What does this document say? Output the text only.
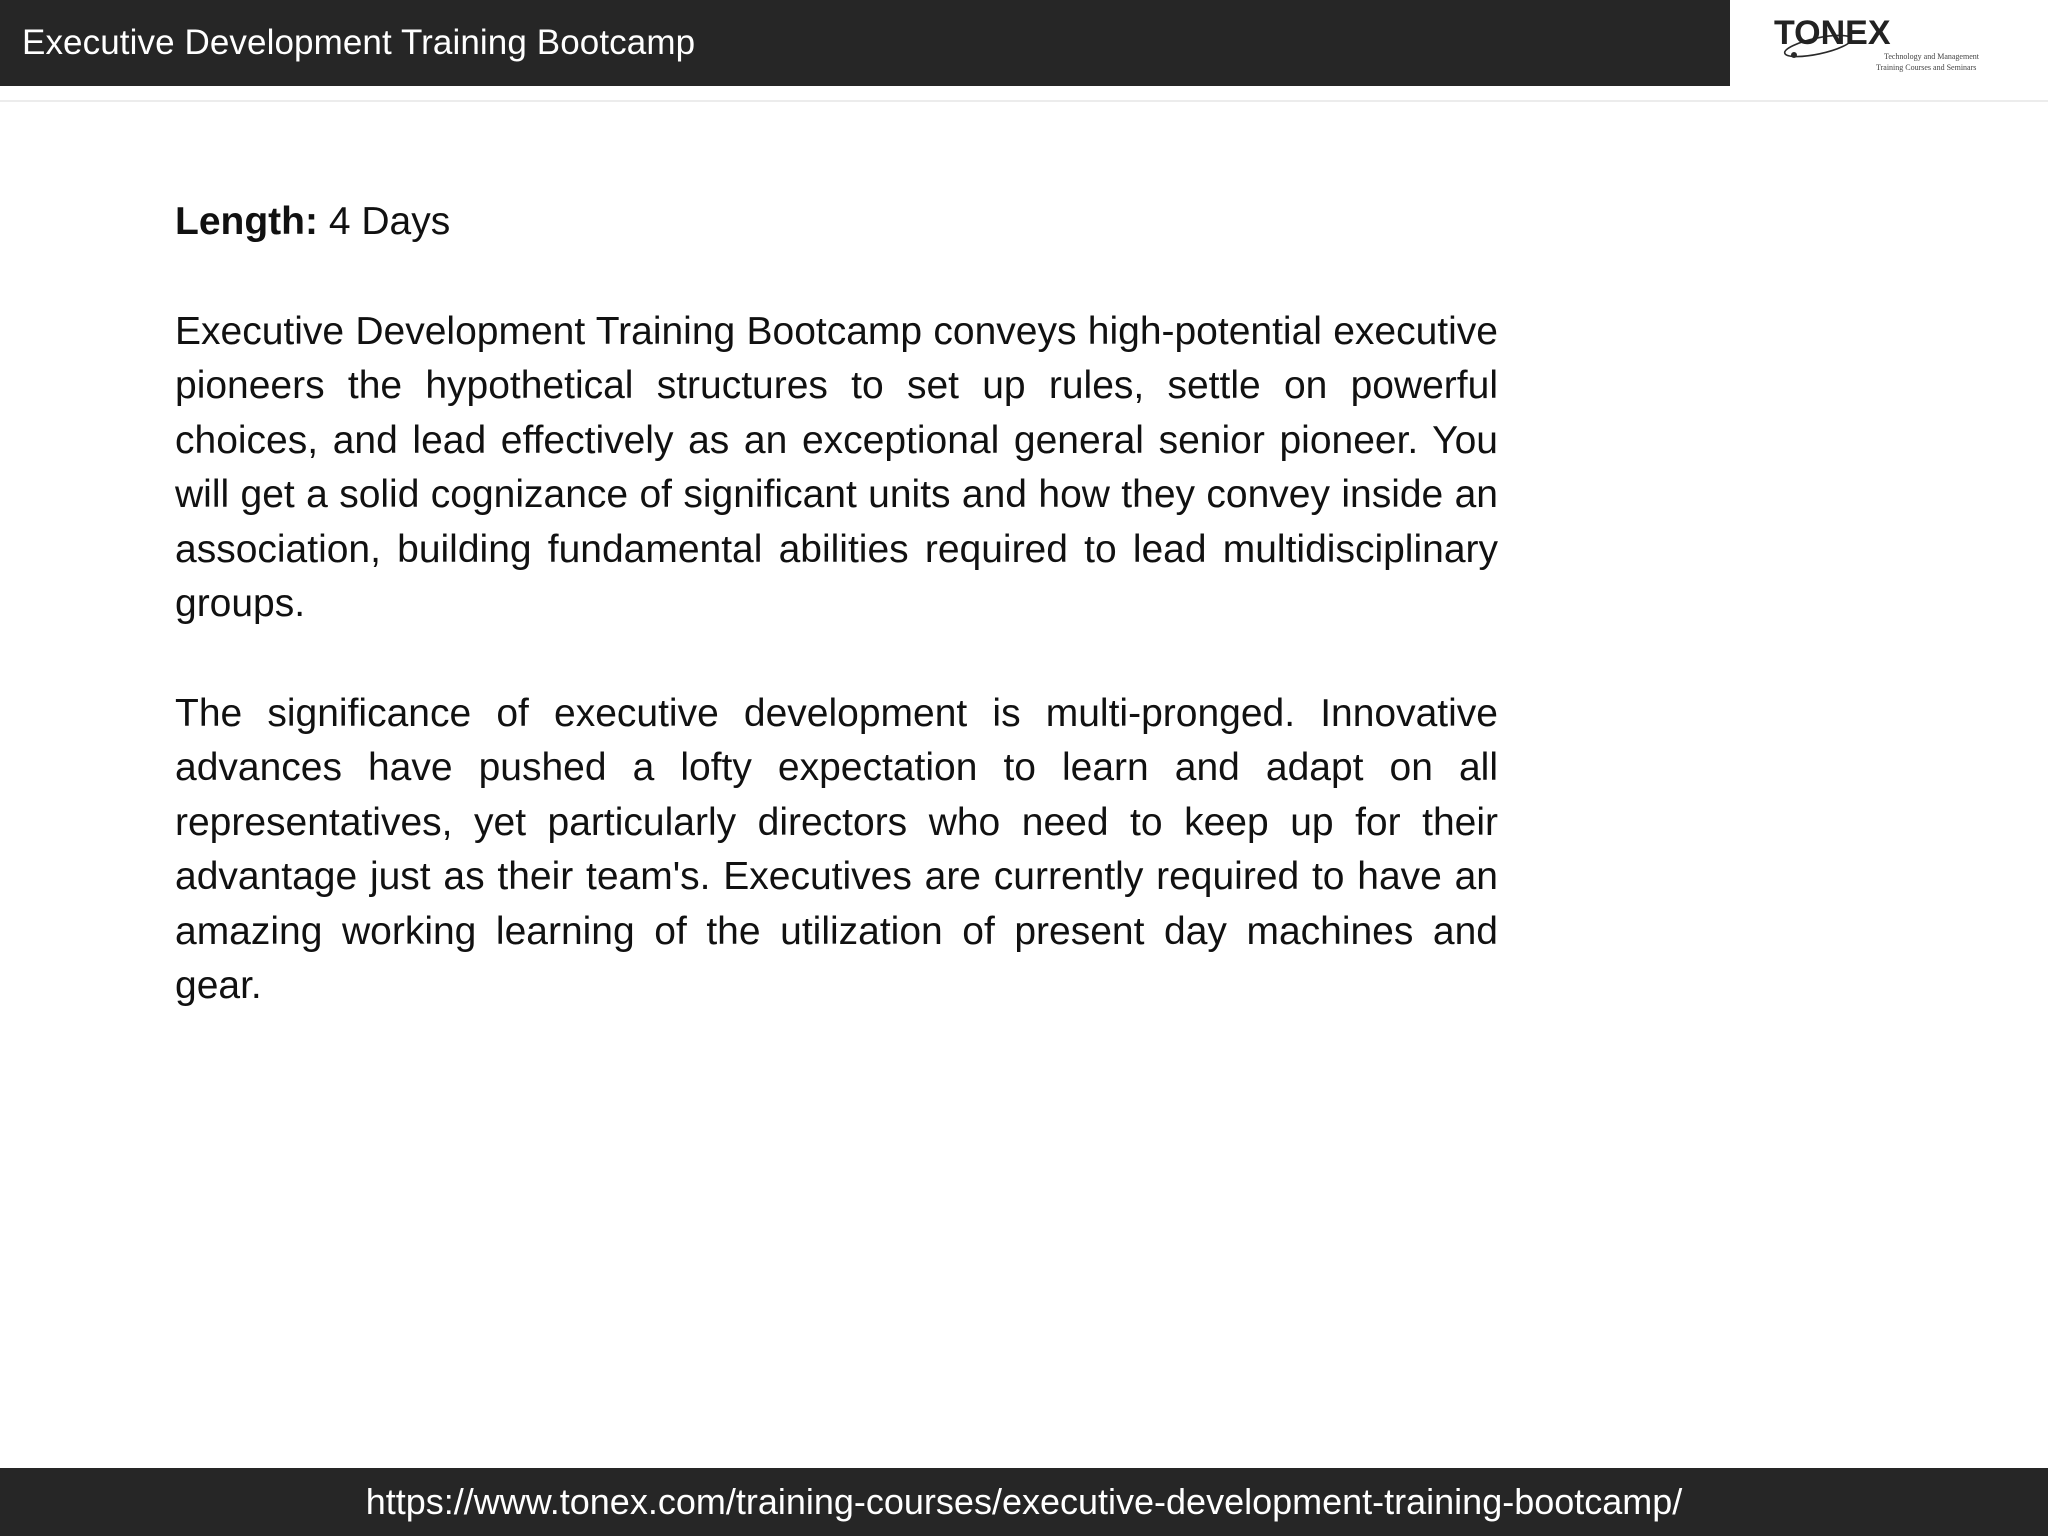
Executive Development Training Bootcamp	TONEX
Technology and Management
Training Courses and Seminars

Length: 4 Days

Executive Development Training Bootcamp conveys high-potential executive pioneers the hypothetical structures to set up rules, settle on powerful choices, and lead effectively as an exceptional general senior pioneer. You will get a solid cognizance of significant units and how they convey inside an association, building fundamental abilities required to lead multidisciplinary groups.

The significance of executive development is multi-pronged. Innovative advances have pushed a lofty expectation to learn and adapt on all representatives, yet particularly directors who need to keep up for their advantage just as their team's. Executives are currently required to have an amazing working learning of the utilization of present day machines and gear.

https://www.tonex.com/training-courses/executive-development-training-bootcamp/
